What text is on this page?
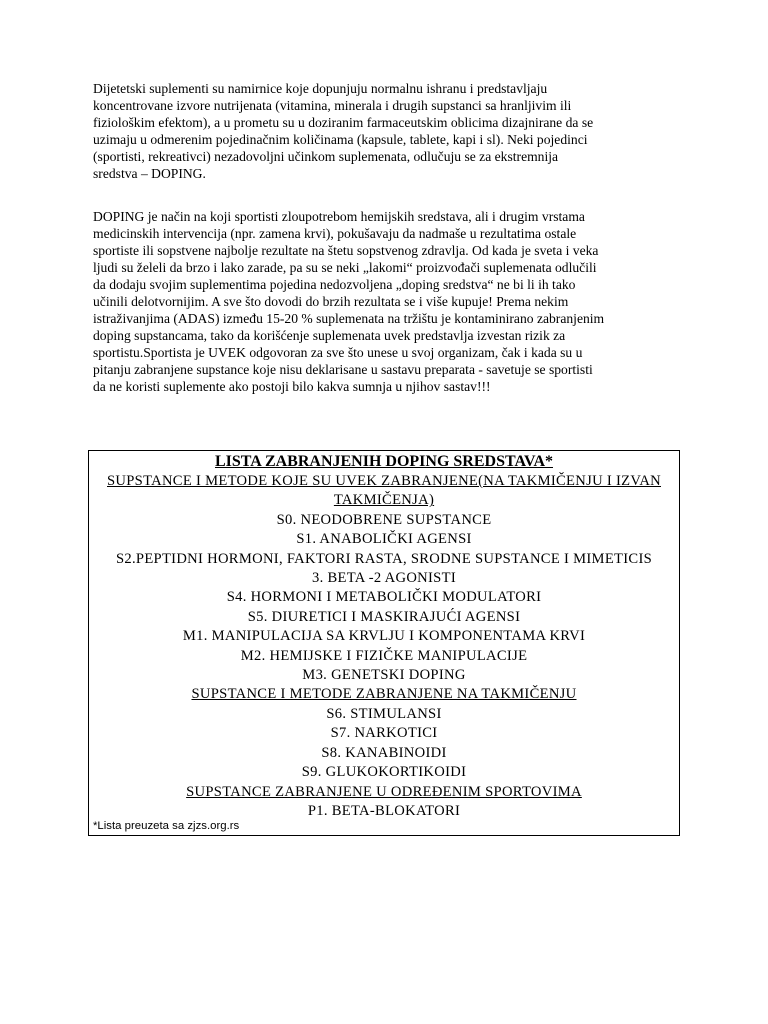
Dijetetski suplementi su namirnice koje dopunjuju normalnu ishranu i predstavljaju
koncentrovane izvore nutrijenata (vitamina, minerala i drugih supstanci sa hranljivim ili
fiziološkim efektom), a u prometu su u doziranim farmaceutskim oblicima dizajnirane da se
uzimaju u odmerenim pojedinačnim količinama (kapsule, tablete, kapi i sl). Neki pojedinci
(sportisti, rekreativci) nezadovoljni učinkom suplemenata, odlučuju se za ekstremnija
sredstva – DOPING.

DOPING je način na koji sportisti zloupotrebom hemijskih sredstava, ali i drugim vrstama
medicinskih intervencija (npr. zamena krvi), pokušavaju da nadmaše u rezultatima ostale
sportiste ili sopstvene najbolje rezultate na štetu sopstvenog zdravlja. Od kada je sveta i veka
ljudi su želeli da brzo i lako zarade, pa su se neki „lakomi“ proizvođači suplemenata odlučili
da dodaju svojim suplementima pojedina nedozvoljena „doping sredstva“ ne bi li ih tako
učinili delotvornijim. A sve što dovodi do brzih rezultata se i više kupuje! Prema nekim
istraživanjima (ADAS) između 15-20 % suplemenata na tržištu je kontaminirano zabranjenim
doping supstancama, tako da korišćenje suplemenata uvek predstavlja izvestan rizik za
sportistu.Sportista je UVEK odgovoran za sve što unese u svoj organizam, čak i kada su u
pitanju zabranjene supstance koje nisu deklarisane u sastavu preparata - savetuje se sportisti
da ne koristi suplemente ako postoji bilo kakva sumnja u njihov sastav!!!

LISTA ZABRANJENIH DOPING SREDSTAVA*
SUPSTANCE I METODE KOJE SU UVEK ZABRANJENE(NA TAKMIČENJU I IZVAN
TAKMIČENJA)
S0. NEODOBRENE SUPSTANCE
S1. ANABOLIČKI AGENSI
S2.PEPTIDNI HORMONI, FAKTORI RASTA, SRODNE SUPSTANCE I MIMETICIS
3. BETA -2 AGONISTI
S4. HORMONI I METABOLIČKI MODULATORI
S5. DIURETICI I MASKIRAJUĆI AGENSI
M1. MANIPULACIJA SA KRVLJU I KOMPONENTAMA KRVI
M2. HEMIJSKE I FIZIČKE MANIPULACIJE
M3. GENETSKI DOPING
SUPSTANCE I METODE ZABRANJENE NA TAKMIČENJU
S6. STIMULANSI
S7. NARKOTICI
S8. KANABINOIDI
S9. GLUKOKORTIKOIDI
SUPSTANCE ZABRANJENE U ODREĐENIM SPORTOVIMA
P1. BETA-BLOKATORI
*Lista preuzeta sa zjzs.org.rs
